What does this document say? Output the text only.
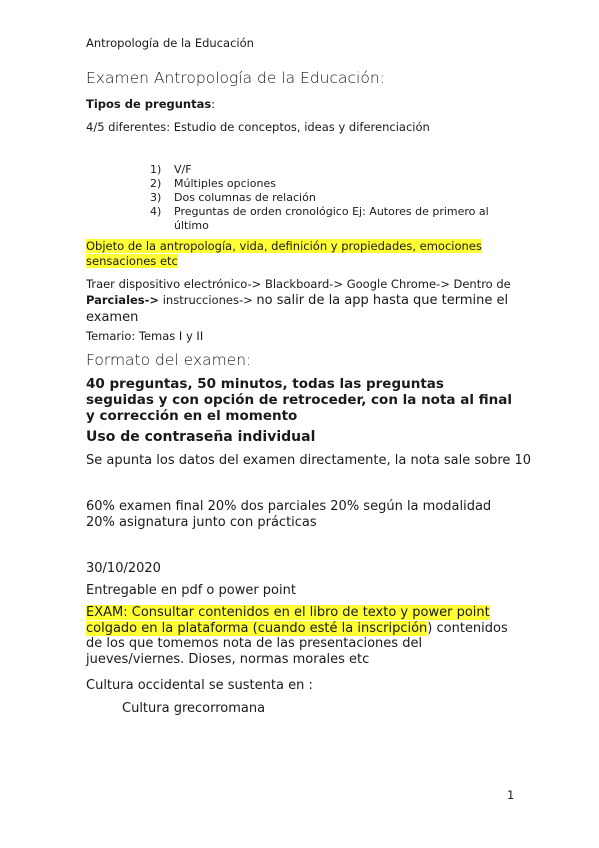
Antropología de la Educación

Examen Antropología de la Educación:

Tipos de preguntas:

4/5 diferentes: Estudio de conceptos, ideas y diferenciación

1) V/F
2) Múltiples opciones
3) Dos columnas de relación
4) Preguntas de orden cronológico Ej: Autores de primero al último

Objeto de la antropología, vida, definición y propiedades, emociones sensaciones etc

Traer dispositivo electrónico-> Blackboard-> Google Chrome-> Dentro de Parciales-> instrucciones-> no salir de la app hasta que termine el examen

Temario: Temas I y II

Formato del examen:

40 preguntas, 50 minutos, todas las preguntas seguidas y con opción de retroceder, con la nota al final y corrección en el momento

Uso de contraseña individual

Se apunta los datos del examen directamente, la nota sale sobre 10

60% examen final 20% dos parciales 20% según la modalidad 20% asignatura junto con prácticas

30/10/2020

Entregable en pdf o power point

EXAM: Consultar contenidos en el libro de texto y power point colgado en la plataforma (cuando esté la inscripción) contenidos de los que tomemos nota de las presentaciones del jueves/viernes. Dioses, normas morales etc

Cultura occidental se sustenta en :

Cultura grecorromana

1
